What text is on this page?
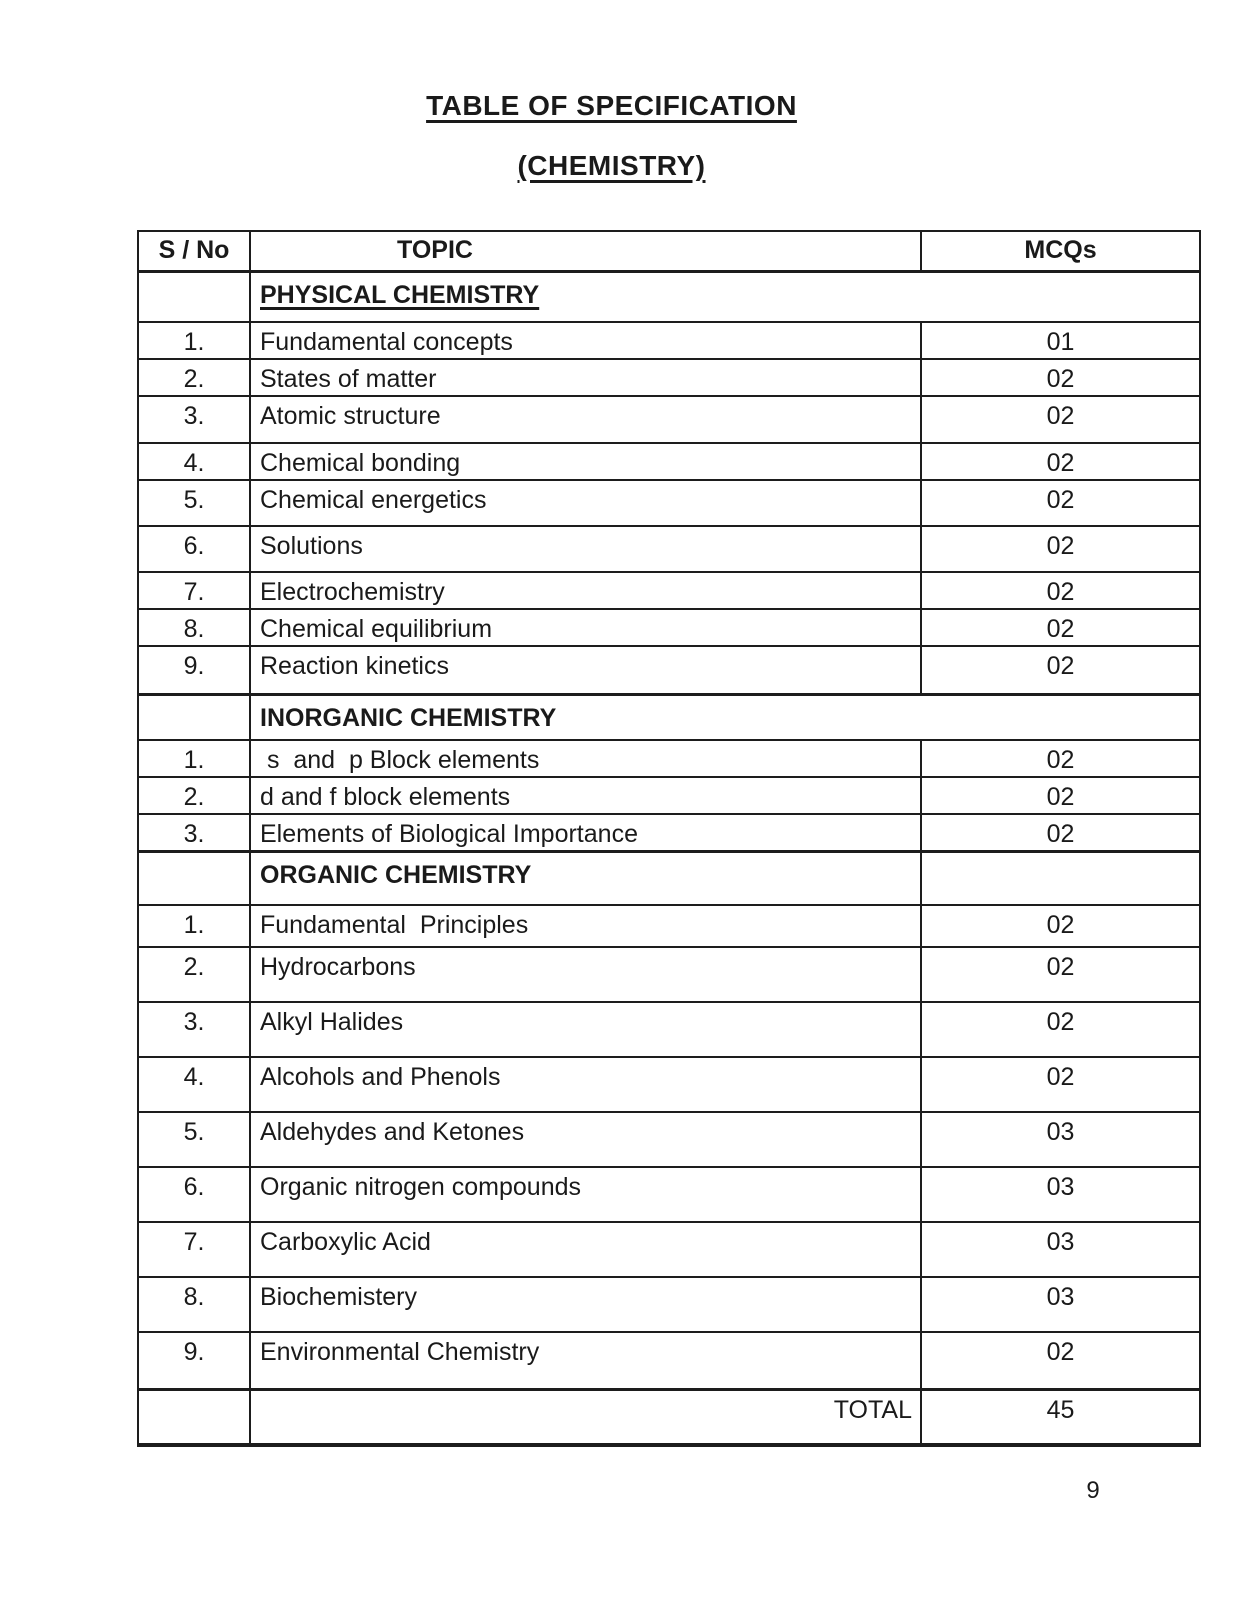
TABLE OF SPECIFICATION
(CHEMISTRY)
S / No	TOPIC	MCQs
	PHYSICAL CHEMISTRY	
1.	Fundamental concepts	01
2.	States of matter	02
3.	Atomic structure	02
4.	Chemical bonding	02
5.	Chemical energetics	02
6.	Solutions	02
7.	Electrochemistry	02
8.	Chemical equilibrium	02
9.	Reaction kinetics	02
	INORGANIC CHEMISTRY	
1.	s  and  p Block elements	02
2.	d and f block elements	02
3.	Elements of Biological Importance	02
	ORGANIC CHEMISTRY	
1.	Fundamental  Principles	02
2.	Hydrocarbons	02
3.	Alkyl Halides	02
4.	Alcohols and Phenols	02
5.	Aldehydes and Ketones	03
6.	Organic nitrogen compounds	03
7.	Carboxylic Acid	03
8.	Biochemistery	03
9.	Environmental Chemistry	02
	TOTAL	45
9
